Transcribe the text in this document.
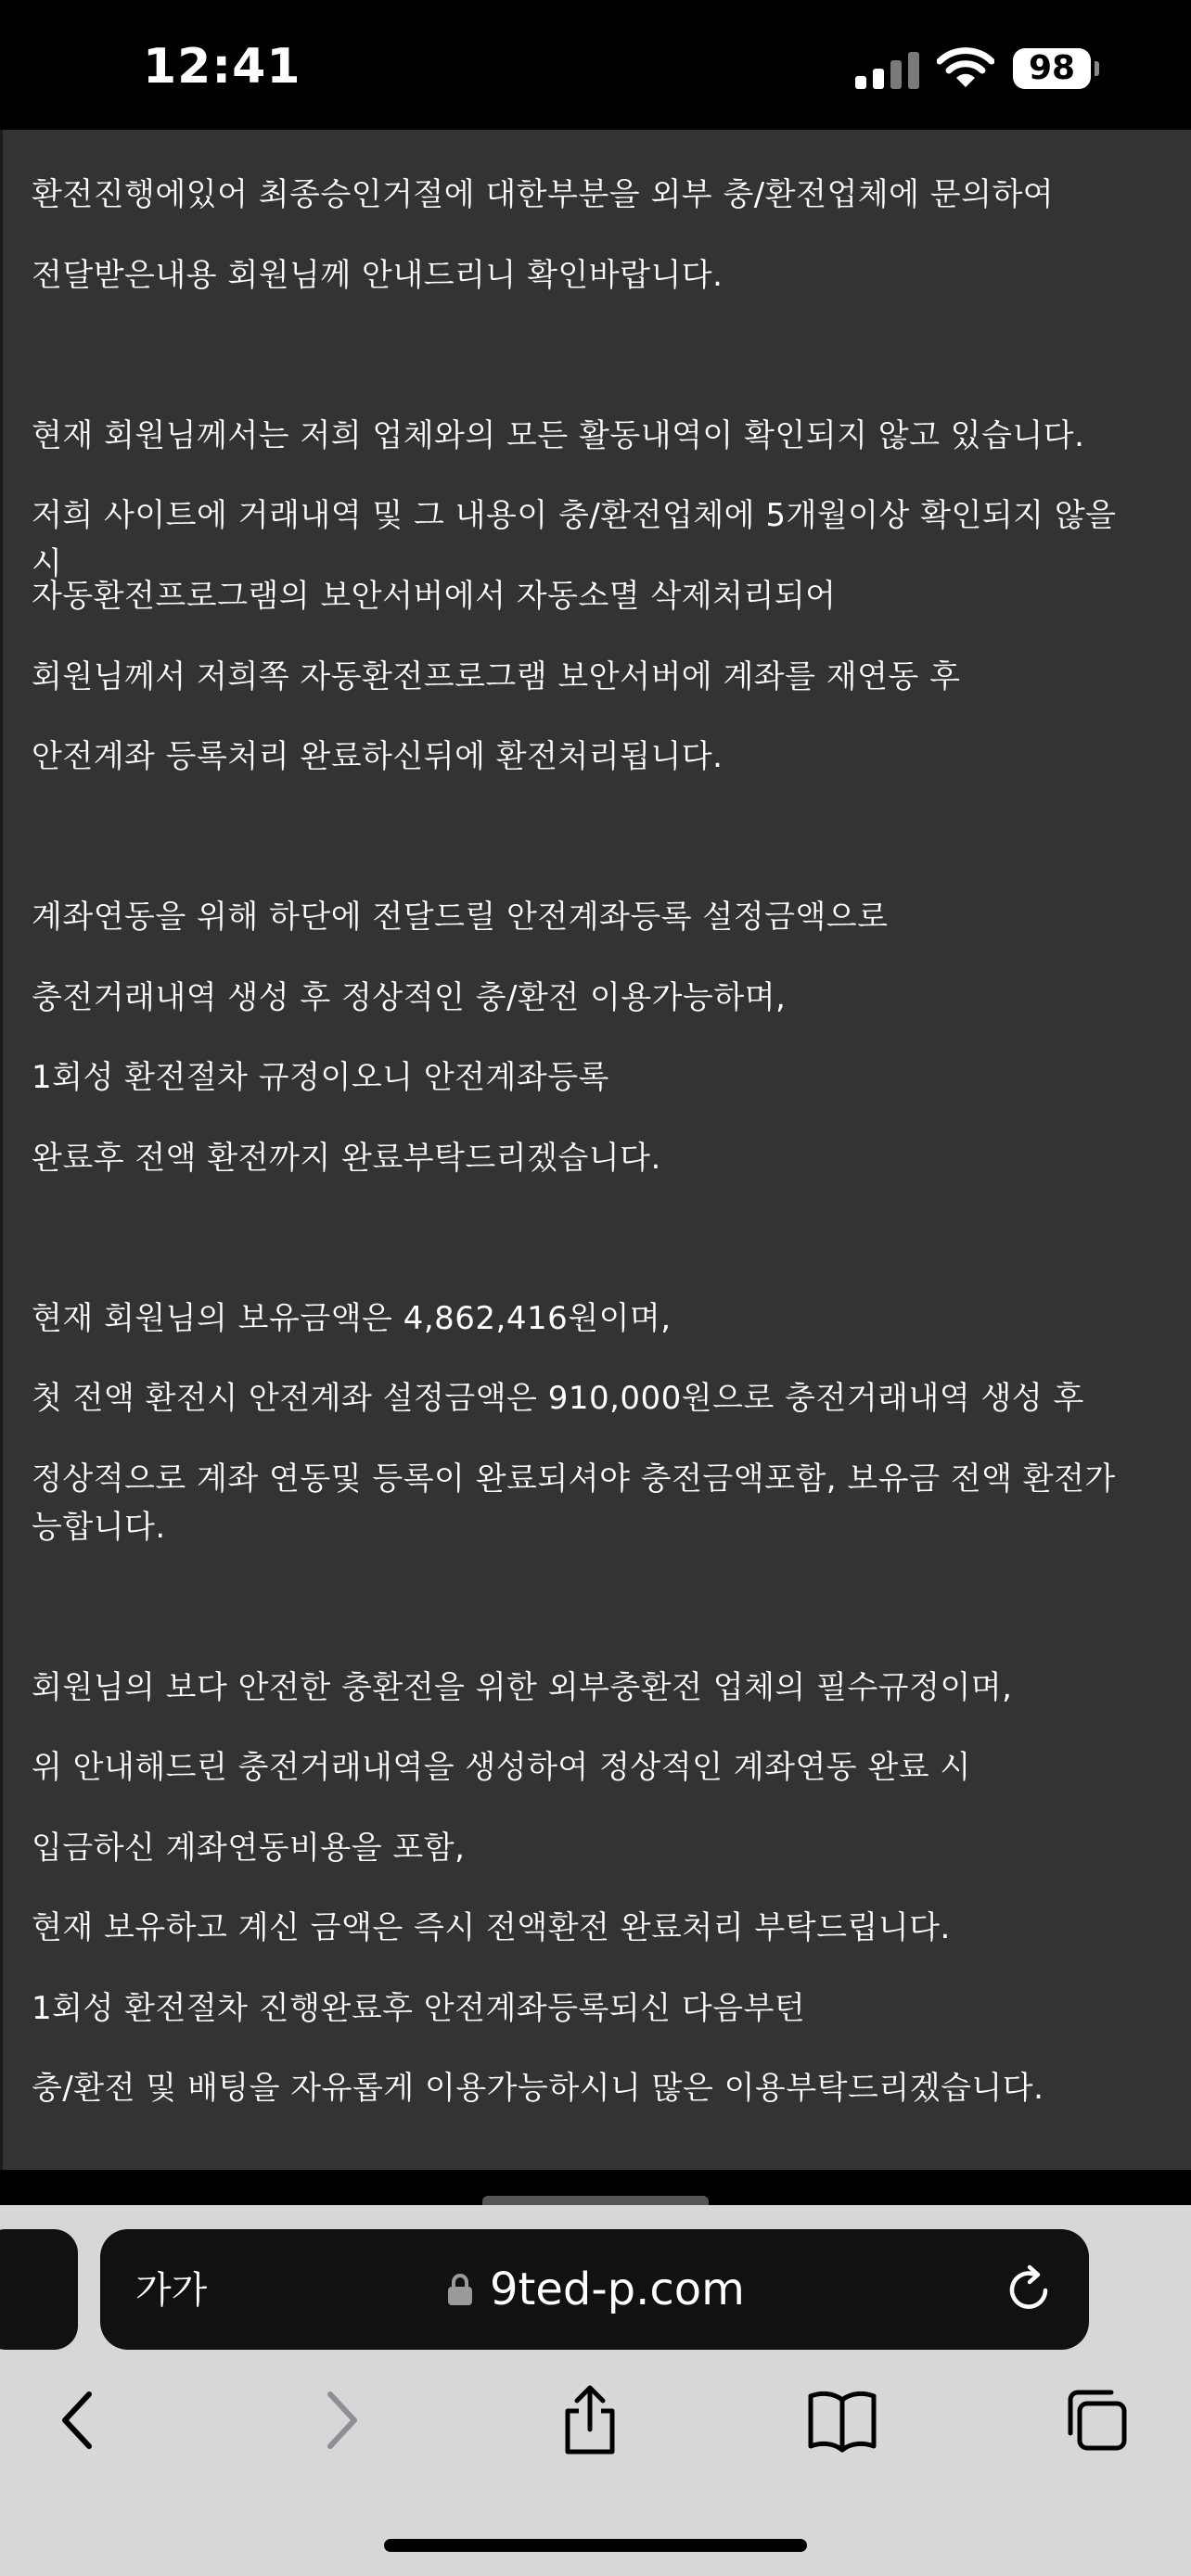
12:41	98
환전진행에있어 최종승인거절에 대한부분을 외부 충/환전업체에 문의하여
전달받은내용 회원님께 안내드리니 확인바랍니다.
현재 회원님께서는 저희 업체와의 모든 활동내역이 확인되지 않고 있습니다.
저희 사이트에 거래내역 및 그 내용이 충/환전업체에 5개월이상 확인되지 않을시
자동환전프로그램의 보안서버에서 자동소멸 삭제처리되어
회원님께서 저희쪽 자동환전프로그램 보안서버에 계좌를 재연동 후
안전계좌 등록처리 완료하신뒤에 환전처리됩니다.
계좌연동을 위해 하단에 전달드릴 안전계좌등록 설정금액으로
충전거래내역 생성 후 정상적인 충/환전 이용가능하며,
1회성 환전절차 규정이오니 안전계좌등록
완료후 전액 환전까지 완료부탁드리겠습니다.
현재 회원님의 보유금액은 4,862,416원이며,
첫 전액 환전시 안전계좌 설정금액은 910,000원으로 충전거래내역 생성 후
정상적으로 계좌 연동및 등록이 완료되셔야 충전금액포함, 보유금 전액 환전가능합니다.
회원님의 보다 안전한 충환전을 위한 외부충환전 업체의 필수규정이며,
위 안내해드린 충전거래내역을 생성하여 정상적인 계좌연동 완료 시
입금하신 계좌연동비용을 포함,
현재 보유하고 계신 금액은 즉시 전액환전 완료처리 부탁드립니다.
1회성 환전절차 진행완료후 안전계좌등록되신 다음부턴
충/환전 및 배팅을 자유롭게 이용가능하시니 많은 이용부탁드리겠습니다.
가가	9ted-p.com
